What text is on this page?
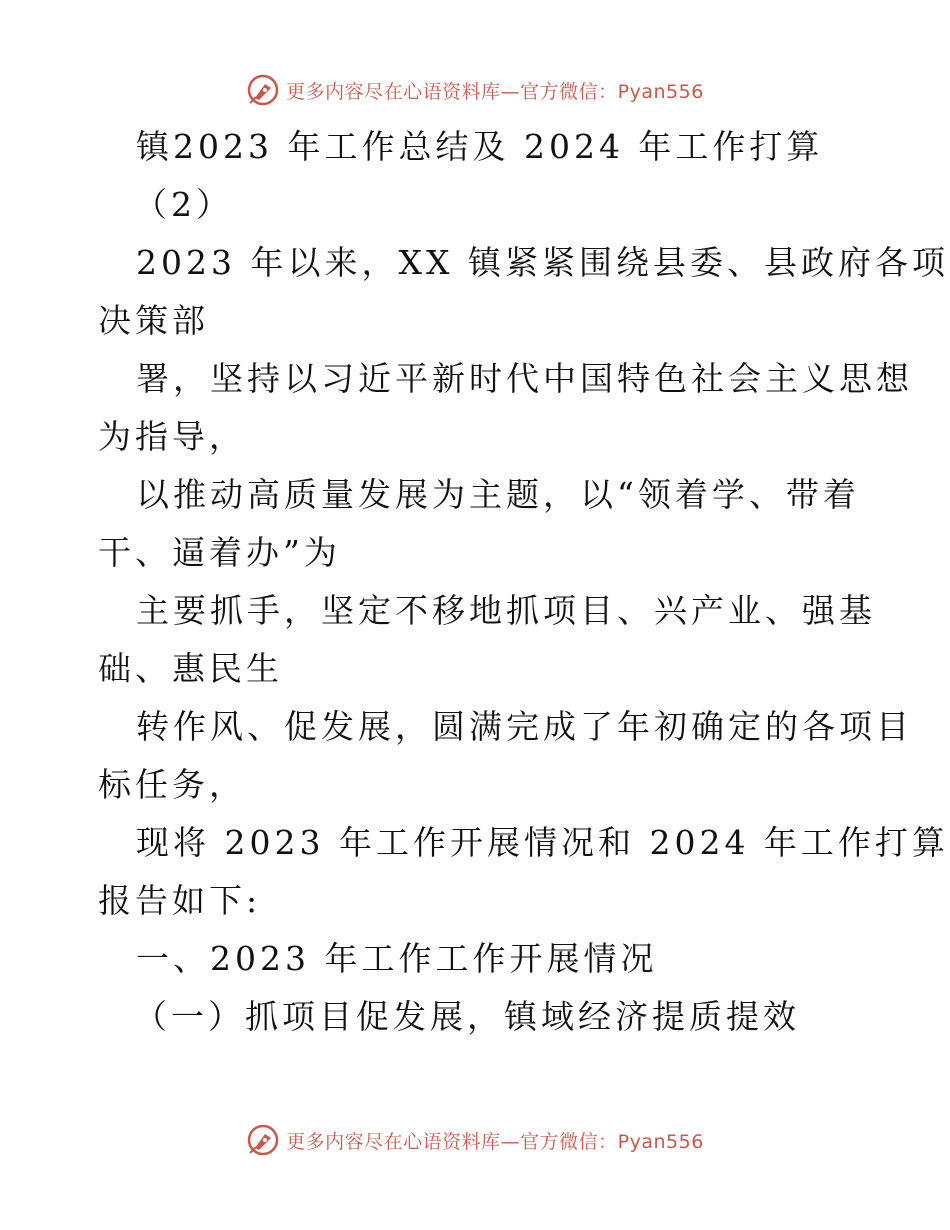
更多内容尽在心语资料库—官方微信：Pyan556
镇2023 年工作总结及 2024 年工作打算
（2）
2023 年以来，XX 镇紧紧围绕县委、县政府各项
决策部
署，坚持以习近平新时代中国特色社会主义思想
为指导，
以推动高质量发展为主题，以“领着学、带着
干、逼着办”为
主要抓手，坚定不移地抓项目、兴产业、强基
础、惠民生
转作风、促发展，圆满完成了年初确定的各项目
标任务，
现将 2023 年工作开展情况和 2024 年工作打算
报告如下:
一、2023 年工作工作开展情况
（一）抓项目促发展，镇域经济提质提效
更多内容尽在心语资料库—官方微信：Pyan556
